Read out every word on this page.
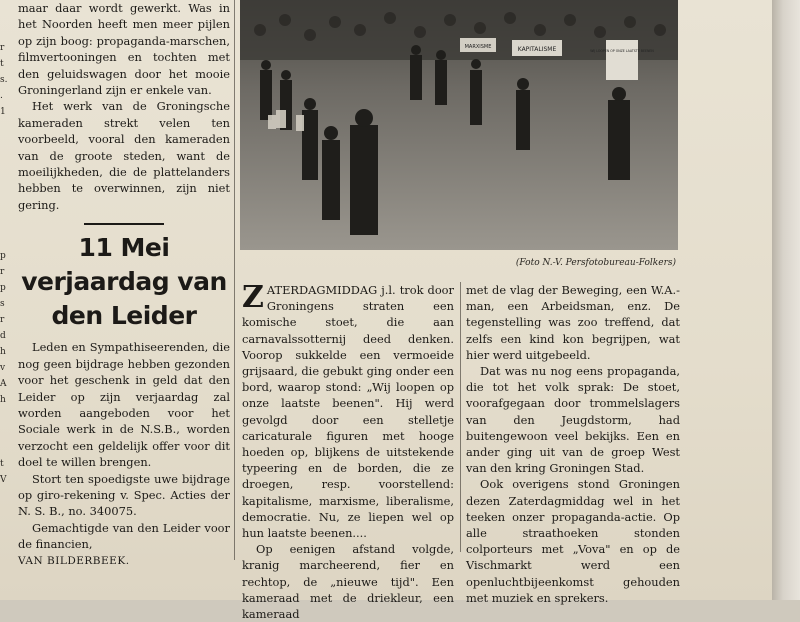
r
t
s.
.
1

p
r
p
s
r
d
h
v
A
h

t
V

maar daar wordt gewerkt. Was in het Noorden heeft men meer pijlen op zijn boog: propaganda-marschen, filmvertooningen en tochten met den geluidswagen door het mooie Groningerland zijn er enkele van.

Het werk van de Groningsche kameraden strekt velen ten voorbeeld, vooral den kameraden van de groote steden, want de moeilijkheden, die de plattelanders hebben te overwinnen, zijn niet gering.

11 Mei verjaardag van den Leider

Leden en Sympathiseerenden, die nog geen bijdrage hebben gezonden voor het geschenk in geld dat den Leider op zijn verjaardag zal worden aangeboden voor het Sociale werk in de N.S.B., worden verzocht een geldelijk offer voor dit doel te willen brengen.

Stort ten spoedigste uwe bijdrage op giro-rekening v. Spec. Acties der N. S. B., no. 340075.

Gemachtigde van den Leider voor de financien,

VAN BILDERBEEK.

KAPITALISME
MARXISME
WIJ LOOPEN OP ONZE LAATSTE BEENEN
(Foto N.-V. Persfotobureau-Folkers)

ZATERDAGMIDDAG j.l. trok door Groningens straten een komische stoet, die aan carnavalssotternij deed denken. Voorop sukkelde een vermoeide grijsaard, die gebukt ging onder een bord, waarop stond: „Wij loopen op onze laatste beenen". Hij werd gevolgd door een stelletje caricaturale figuren met hooge hoeden op, blijkens de uitstekende typeering en de borden, die ze droegen, resp. voorstellend: kapitalisme, marxisme, liberalisme, democratie. Nu, ze liepen wel op hun laatste beenen....

Op eenigen afstand volgde, kranig marcheerend, fier en rechtop, de „nieuwe tijd". Een kameraad met de driekleur, een kameraad

met de vlag der Beweging, een W.A.-man, een Arbeidsman, enz. De tegenstelling was zoo treffend, dat zelfs een kind kon begrijpen, wat hier werd uitgebeeld.

Dat was nu nog eens propaganda, die tot het volk sprak: De stoet, voorafgegaan door trommelslagers van den Jeugdstorm, had buitengewoon veel bekijks. Een en ander ging uit van de groep West van den kring Groningen Stad.

Ook overigens stond Groningen dezen Zaterdagmiddag wel in het teeken onzer propaganda-actie. Op alle straathoeken stonden colporteurs met „Vova" en op de Vischmarkt werd een openluchtbijeenkomst gehouden met muziek en sprekers.
